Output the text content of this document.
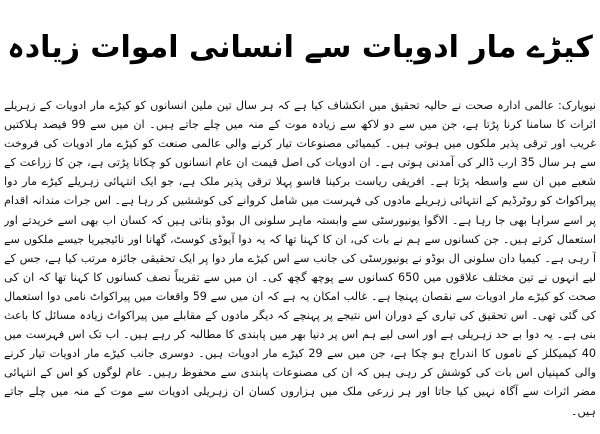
کیڑے مار ادویات سے انسانی اموات زیادہ

نیویارک: عالمی ادارہ صحت نے حالیہ تحقیق میں انکشاف کیا ہے کہ ہر سال تین ملین انسانوں کو کیڑے مار ادویات کے زہریلے اثرات کا سامنا کرنا پڑتا ہے، جن میں سے دو لاکھ سے زیادہ موت کے منہ میں چلے جاتے ہیں۔ ان میں سے 99 فیصد ہلاکتیں غریب اور ترقی پذیر ملکوں میں ہوتی ہیں۔ کیمیائی مصنوعات تیار کرنے والی عالمی صنعت کو کیڑے مار ادویات کی فروخت سے ہر سال 35 ارب ڈالر کی آمدنی ہوتی ہے۔ ان ادویات کی اصل قیمت ان عام انسانوں کو چکانا پڑتی ہے، جن کا زراعت کے شعبے میں ان سے واسطہ پڑتا ہے۔ افریقی ریاست برکینا فاسو پہلا ترقی پذیر ملک ہے، جو ایک انتہائی زہریلے کیڑے مار دوا پیراکواٹ کو روٹرڈیم کے انتہائی زہریلے مادوں کی فہرست میں شامل کروانے کی کوششیں کر رہا ہے۔ اس جرات مندانہ اقدام پر اسے سراہا بھی جا رہا ہے۔ الاگوا یونیورسٹی سے وابستہ ماہر سلونی ال بوڈو بتاتی ہیں کہ کسان اب بھی اسے خریدتے اور استعمال کرتے ہیں۔ جن کسانوں سے ہم نے بات کی، ان کا کہنا تھا کہ یہ دوا آیوڈی کوسٹ، گھانا اور نائیجیریا جیسے ملکوں سے آ رہی ہے۔ کیمیا دان سلونی ال بوڈو نے یونیورسٹی کی جانب سے اس کیڑے مار دوا پر ایک تحقیقی جائزہ مرتب کیا ہے، جس کے لیے انہوں نے تین مختلف علاقوں میں 650 کسانوں سے پوچھ گچھ کی۔ ان میں سے تقریباً نصف کسانوں کا کہنا تھا کہ ان کی صحت کو کیڑے مار ادویات سے نقصان پہنچا ہے۔ غالب امکان یہ ہے کہ ان میں سے 59 واقعات میں پیراکواٹ نامی دوا استعمال کی گئی تھی۔ اس تحقیق کی تیاری کے دوران اس نتیجے پر پہنچے کہ دیگر مادوں کے مقابلے میں پیراکواٹ زیادہ مسائل کا باعث بنی ہے۔ یہ دوا بے حد زہریلی ہے اور اسی لیے ہم اس پر دنیا بھر میں پابندی کا مطالبہ کر رہے ہیں۔ اب تک اس فہرست میں 40 کیمیکلز کے ناموں کا اندراج ہو چکا ہے، جن میں سے 29 کیڑے مار ادویات ہیں۔ دوسری جانب کیڑے مار ادویات تیار کرنے والی کمپنیاں اس بات کی کوشش کر رہی ہیں کہ ان کی مصنوعات پابندی سے محفوظ رہیں۔ عام لوگوں کو اس کے انتہائی مضر اثرات سے آگاہ نہیں کیا جاتا اور ہر زرعی ملک میں ہزاروں کسان ان زہریلی ادویات سے موت کے منہ میں چلے جاتے ہیں۔
